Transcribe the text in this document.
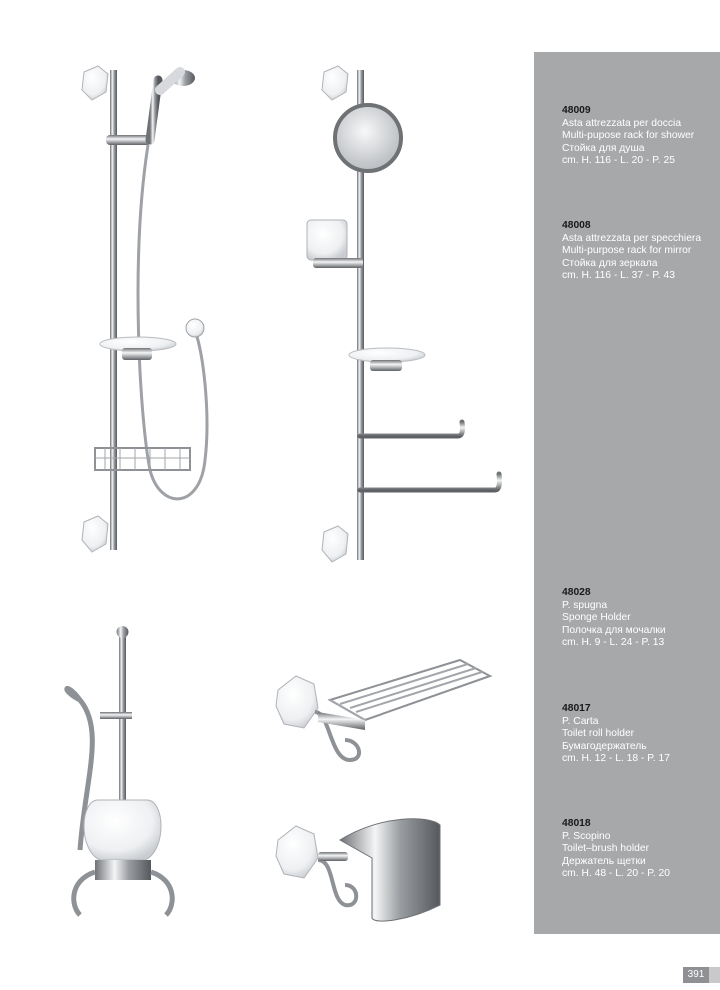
48009
Asta attrezzata per doccia
Multi-pupose rack for shower
Стойка для душа
cm. H. 116 - L. 20 - P. 25
48008
Asta attrezzata per specchiera
Multi-purpose rack for mirror
Стойка для зеркала
cm. H. 116 - L. 37 - P. 43
48028
P. spugna
Sponge Holder
Полочка для мочалки
cm. H. 9 - L. 24 - P. 13
48017
P. Carta
Toilet roll holder
Бумагодержатель
cm. H. 12 - L. 18 - P. 17
48018
P. Scopino
Toilet–brush holder
Держатель щетки
cm. H. 48 - L. 20 - P. 20
391
